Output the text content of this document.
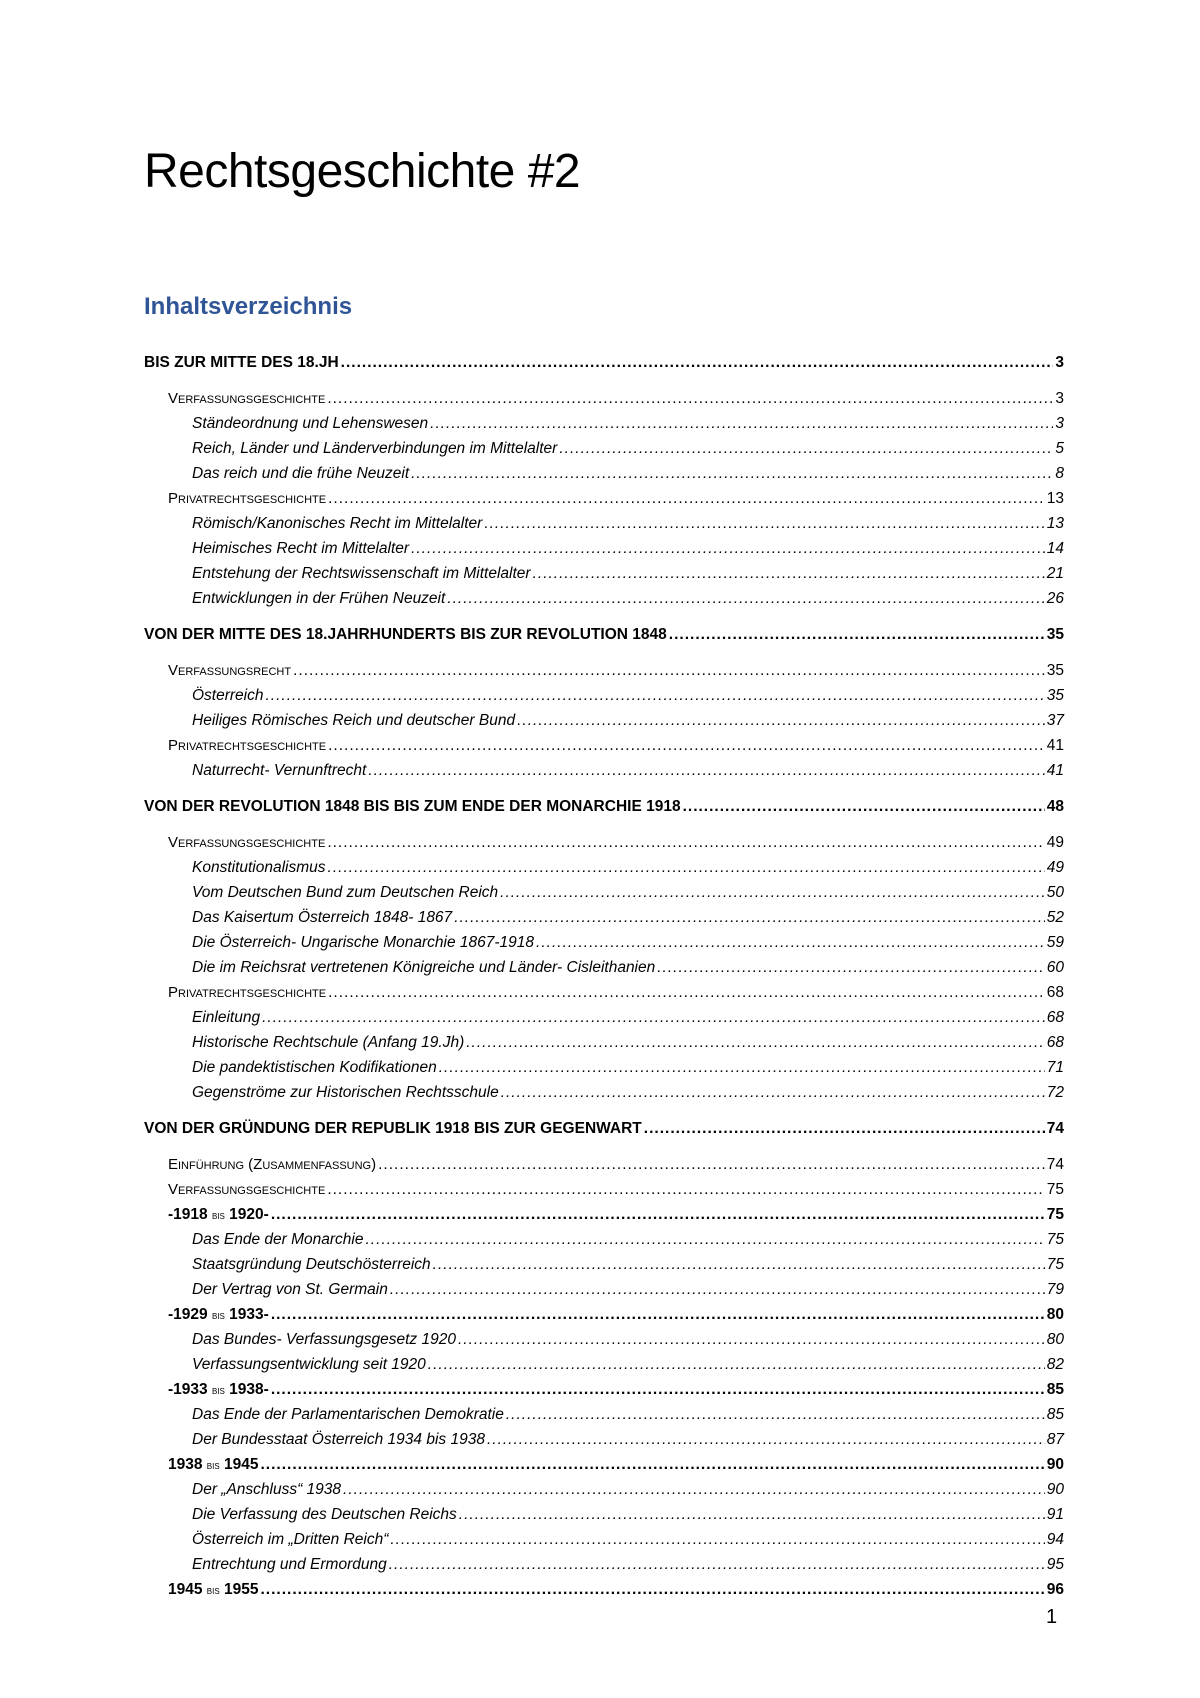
Rechtsgeschichte #2
Inhaltsverzeichnis
BIS ZUR MITTE DES 18.JH .....	3
Verfassungsgeschichte .....	3
Ständeordnung und Lehenswesen .....	3
Reich, Länder und Länderverbindungen im Mittelalter .....	5
Das reich und die frühe Neuzeit .....	8
Privatrechtsgeschichte .....	13
Römisch/Kanonisches Recht im Mittelalter .....	13
Heimisches Recht im Mittelalter .....	14
Entstehung der Rechtswissenschaft im Mittelalter .....	21
Entwicklungen in der Frühen Neuzeit .....	26
VON DER MITTE DES 18.JAHRHUNDERTS BIS ZUR REVOLUTION 1848 .....	35
Verfassungsrecht .....	35
Österreich .....	35
Heiliges Römisches Reich und deutscher Bund .....	37
Privatrechtsgeschichte .....	41
Naturrecht- Vernunftrecht .....	41
VON DER REVOLUTION 1848 BIS BIS ZUM ENDE DER MONARCHIE 1918 .....	48
Verfassungsgeschichte .....	49
Konstitutionalismus .....	49
Vom Deutschen Bund zum Deutschen Reich .....	50
Das Kaisertum Österreich 1848- 1867 .....	52
Die Österreich- Ungarische Monarchie 1867-1918 .....	59
Die im Reichsrat vertretenen Königreiche und Länder- Cisleithanien .....	60
Privatrechtsgeschichte .....	68
Einleitung .....	68
Historische Rechtschule (Anfang 19.Jh) .....	68
Die pandektistischen Kodifikationen .....	71
Gegenströme zur Historischen Rechtsschule .....	72
VON DER GRÜNDUNG DER REPUBLIK 1918 BIS ZUR GEGENWART .....	74
Einführung (Zusammenfassung) .....	74
Verfassungsgeschichte .....	75
-1918 bis 1920- .....	75
Das Ende der Monarchie .....	75
Staatsgründung Deutschösterreich .....	75
Der Vertrag von St. Germain .....	79
-1929 bis 1933- .....	80
Das Bundes- Verfassungsgesetz 1920 .....	80
Verfassungsentwicklung seit 1920 .....	82
-1933 bis 1938- .....	85
Das Ende der Parlamentarischen Demokratie .....	85
Der Bundesstaat Österreich 1934 bis 1938 .....	87
1938 bis 1945 .....	90
Der „Anschluss“ 1938 .....	90
Die Verfassung des Deutschen Reichs .....	91
Österreich im „Dritten Reich“ .....	94
Entrechtung und Ermordung .....	95
1945 bis 1955 .....	96
1
